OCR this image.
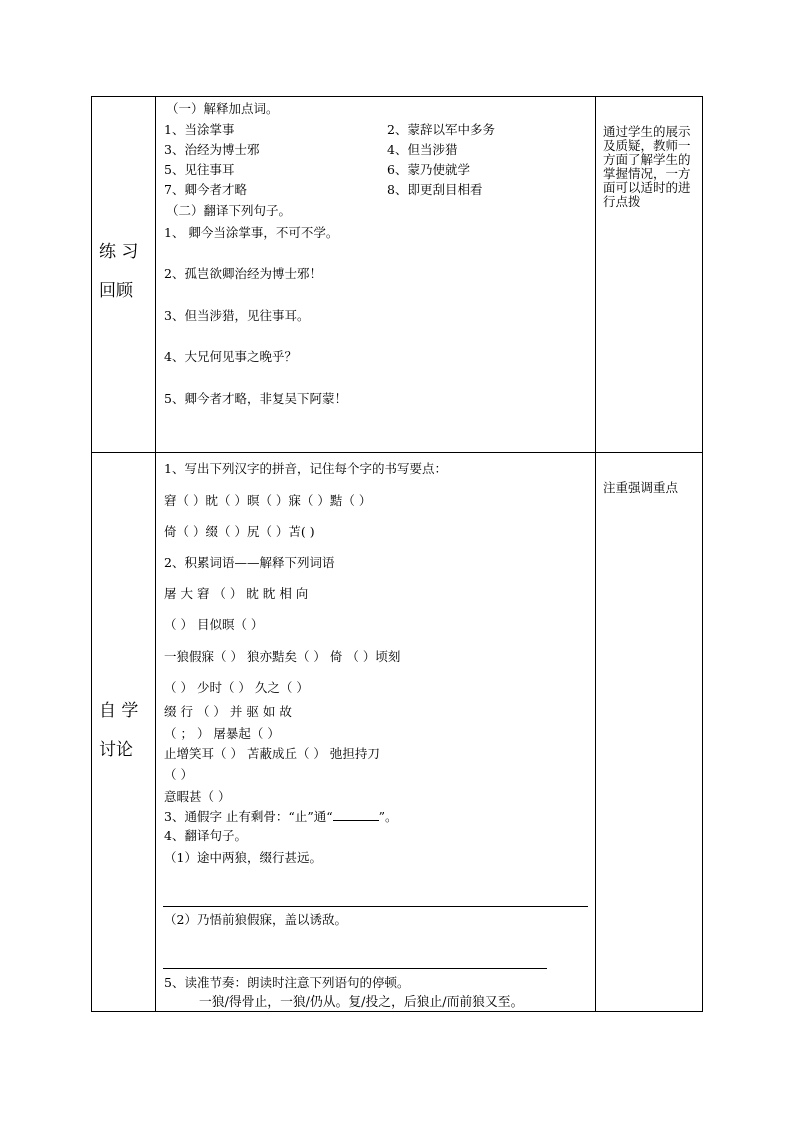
练 习
回顾
（一）解释加点词。
1、当涂掌事	2、蒙辞以军中多务
3、治经为博士邪	4、但当涉猎
5、见往事耳	6、蒙乃使就学
7、卿今者才略	8、即更刮目相看
（二）翻译下列句子。
1、 卿今当涂掌事，不可不学。
2、孤岂欲卿治经为博士邪！
3、但当涉猎，见往事耳。
4、大兄何见事之晚乎？
5、卿今者才略，非复吴下阿蒙！
通过学生的展示及质疑，教师一方面了解学生的掌握情况，一方面可以适时的进行点拨
自 学
讨论
1、写出下列汉字的拼音，记住每个字的书写要点：
窘（ ）眈（ ）暝（ ）寐（ ）黠（ ）
倚（ ）缀（ ）尻（ ）苫( )
2、积累词语——解释下列词语
屠 大 窘 （ ） 眈 眈 相 向
（ ） 目似暝（ ）
一狼假寐（ ） 狼亦黠矣（ ） 倚 （ ）顷刻
（ ） 少时（ ） 久之（ ）
缀 行 （ ） 并 驱 如 故
（ ； ） 屠暴起（ ）
止增笑耳（ ） 苫蔽成丘（ ） 弛担持刀
（ ）
意暇甚（ ）
3、通假字 止有剩骨：“止”通“	”。
4、翻译句子。
（1）途中两狼，缀行甚远。
（2）乃悟前狼假寐，盖以诱敌。
5、读准节奏：朗读时注意下列语句的停顿。
一狼/得骨止，一狼/仍从。复/投之，后狼止/而前狼又至。
注重强调重点
